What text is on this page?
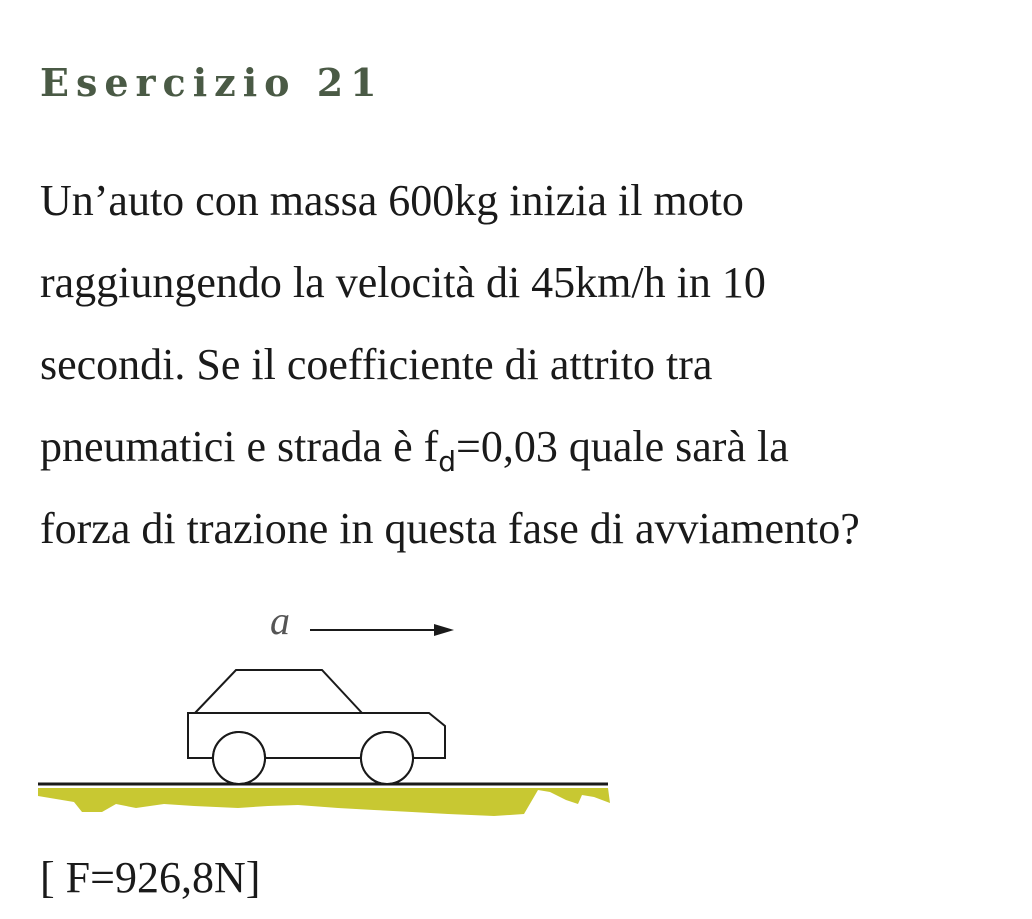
Esercizio 21

Un’auto con massa 600kg inizia il moto
raggiungendo la velocità di 45km/h in 10
secondi. Se il coefficiente di attrito tra
pneumatici e strada è $f_d=0,03$ quale sarà la
forza di trazione in questa fase di avviamento?

a

[ F=926,8N]
